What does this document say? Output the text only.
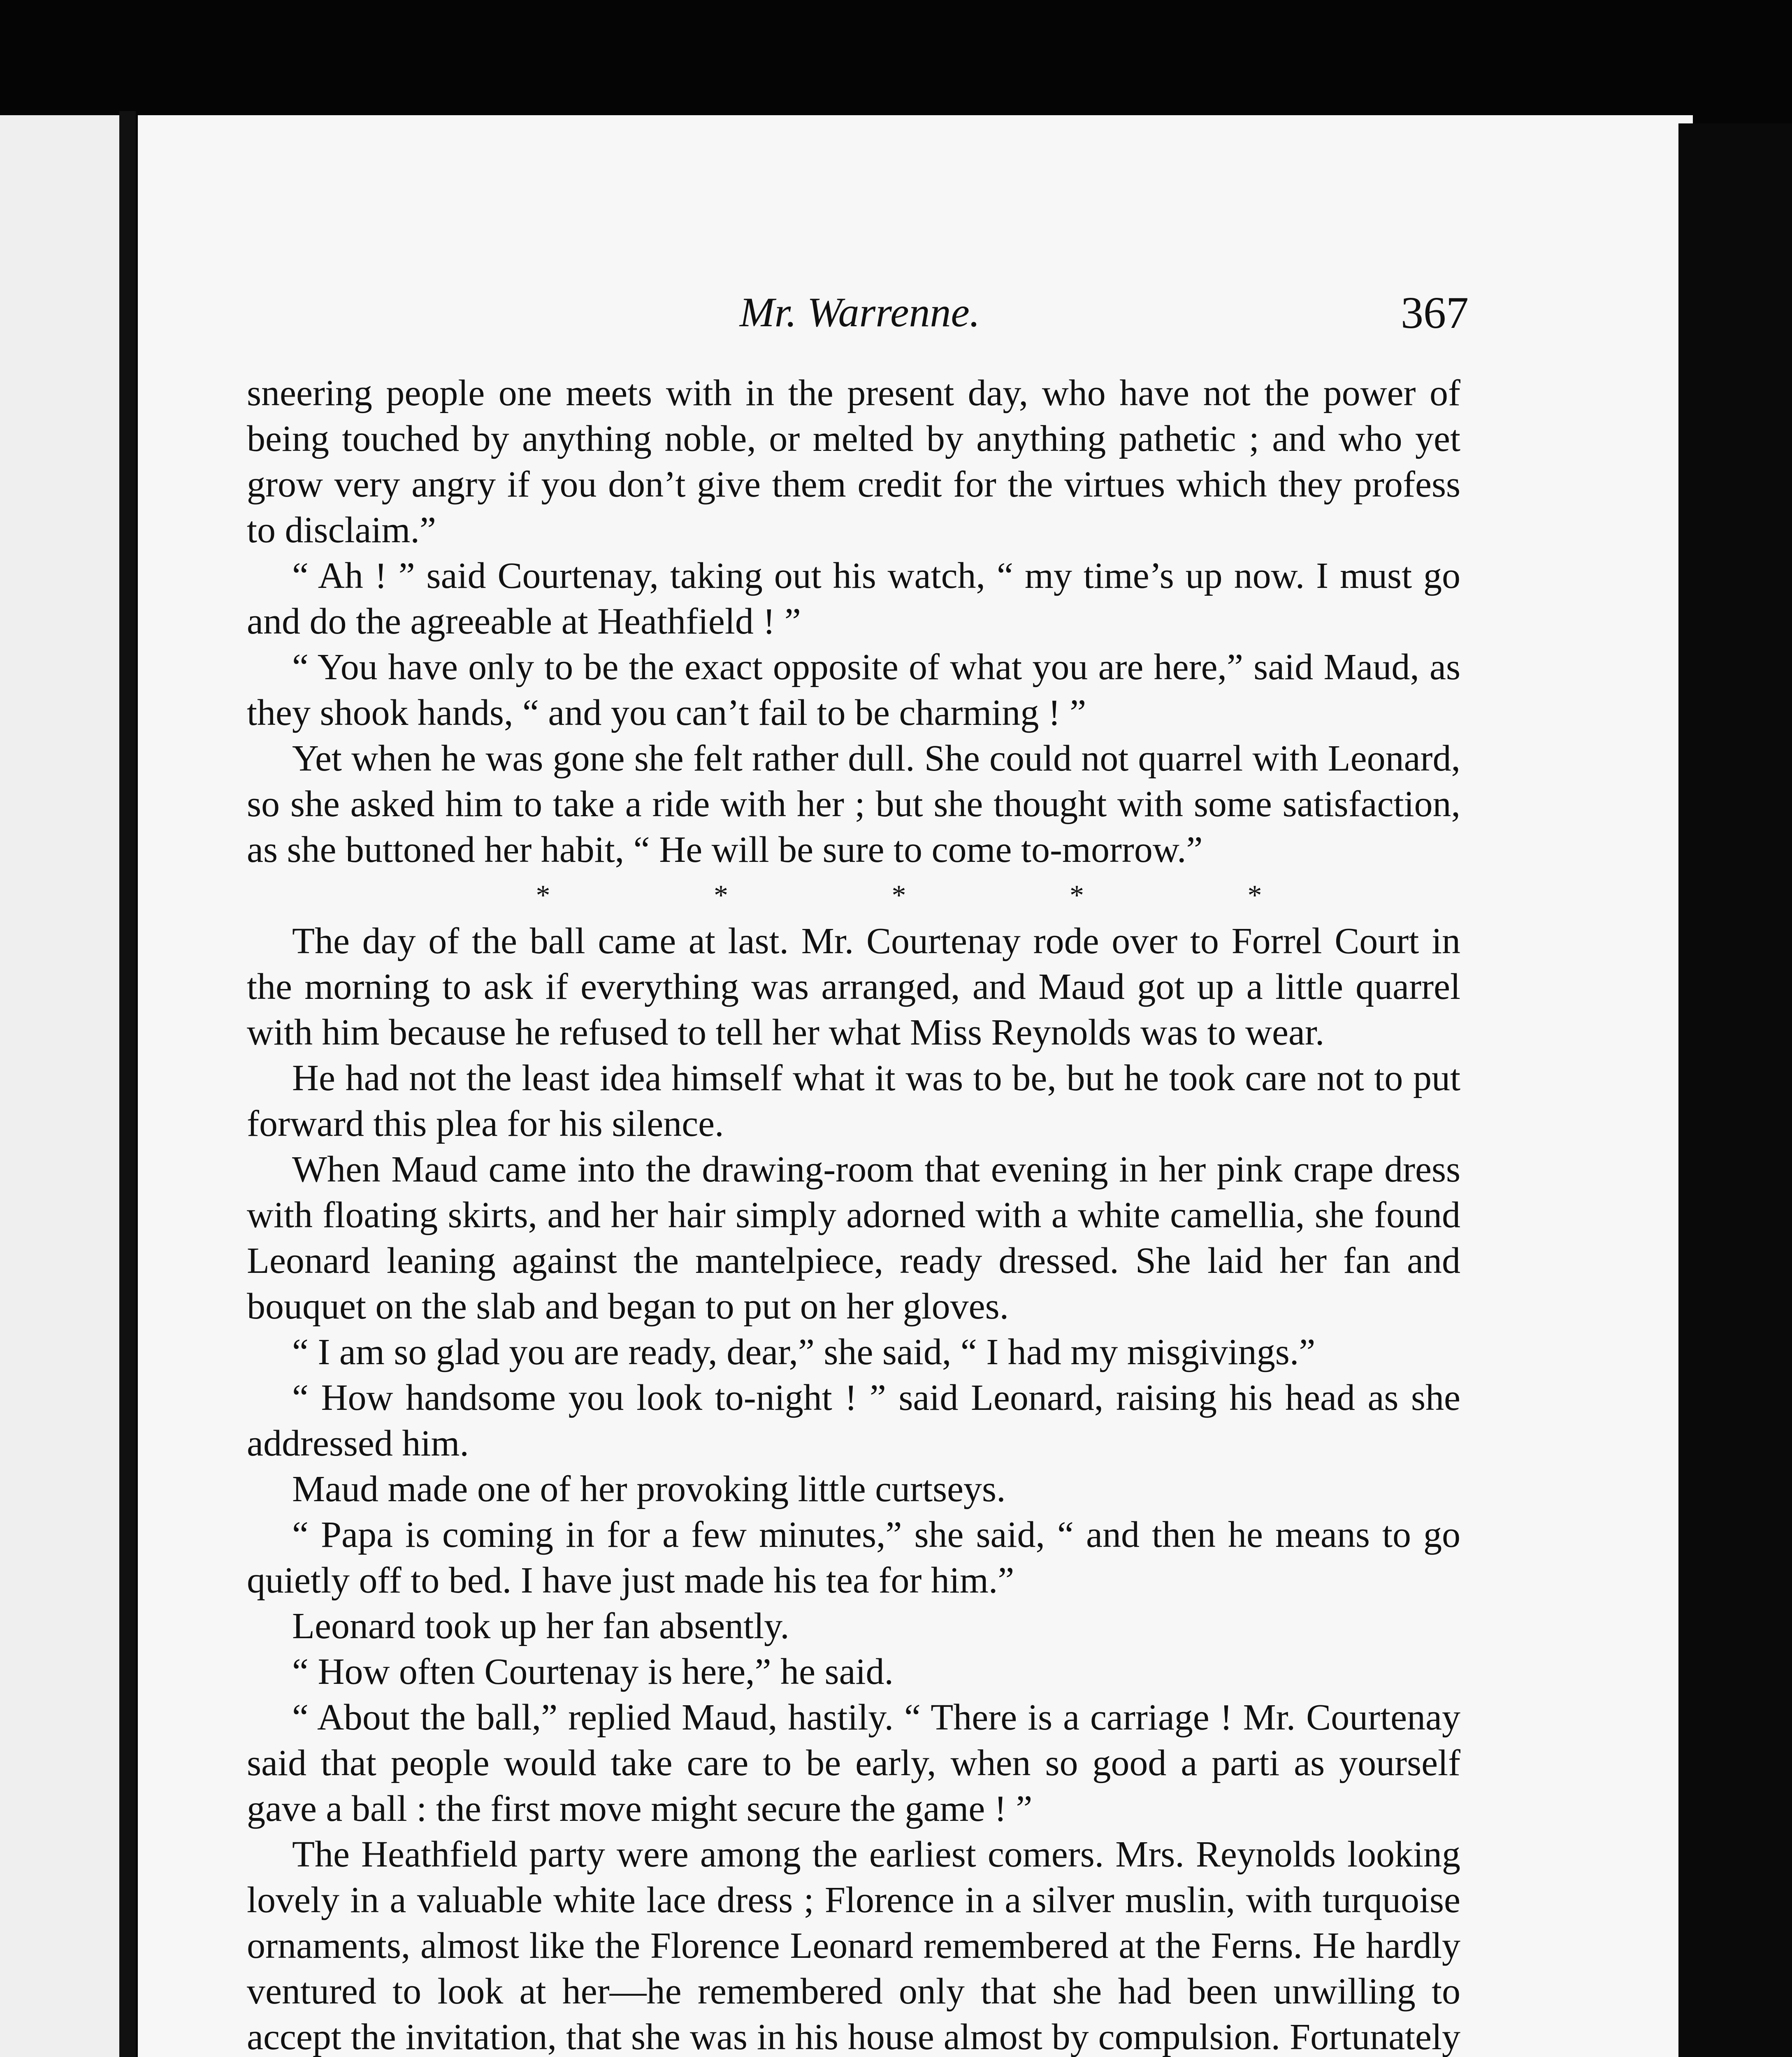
Mr. Warrenne.	367

sneering people one meets with in the present day, who have not the power of being touched by anything noble, or melted by anything pathetic ; and who yet grow very angry if you don’t give them credit for the virtues which they profess to disclaim.”

“ Ah ! ” said Courtenay, taking out his watch, “ my time’s up now. I must go and do the agreeable at Heathfield ! ”

“ You have only to be the exact opposite of what you are here,” said Maud, as they shook hands, “ and you can’t fail to be charming ! ”

Yet when he was gone she felt rather dull. She could not quarrel with Leonard, so she asked him to take a ride with her ; but she thought with some satisfaction, as she buttoned her habit, “ He will be sure to come to-morrow.”

* * * * *

The day of the ball came at last. Mr. Courtenay rode over to Forrel Court in the morning to ask if everything was arranged, and Maud got up a little quarrel with him because he refused to tell her what Miss Reynolds was to wear.

He had not the least idea himself what it was to be, but he took care not to put forward this plea for his silence.

When Maud came into the drawing-room that evening in her pink crape dress with floating skirts, and her hair simply adorned with a white camellia, she found Leonard leaning against the mantelpiece, ready dressed. She laid her fan and bouquet on the slab and began to put on her gloves.

“ I am so glad you are ready, dear,” she said, “ I had my misgivings.”

“ How handsome you look to-night ! ” said Leonard, raising his head as she addressed him.

Maud made one of her provoking little curtseys.

“ Papa is coming in for a few minutes,” she said, “ and then he means to go quietly off to bed. I have just made his tea for him.”

Leonard took up her fan absently.

“ How often Courtenay is here,” he said.

“ About the ball,” replied Maud, hastily. “ There is a carriage ! Mr. Courtenay said that people would take care to be early, when so good a parti as yourself gave a ball : the first move might secure the game ! ”

The Heathfield party were among the earliest comers. Mrs. Reynolds looking lovely in a valuable white lace dress ; Florence in a silver muslin, with turquoise ornaments, almost like the Florence Leonard remembered at the Ferns. He hardly ventured to look at her—he remembered only that she had been unwilling to accept the invitation, that she was in his house almost by compulsion. Fortunately
